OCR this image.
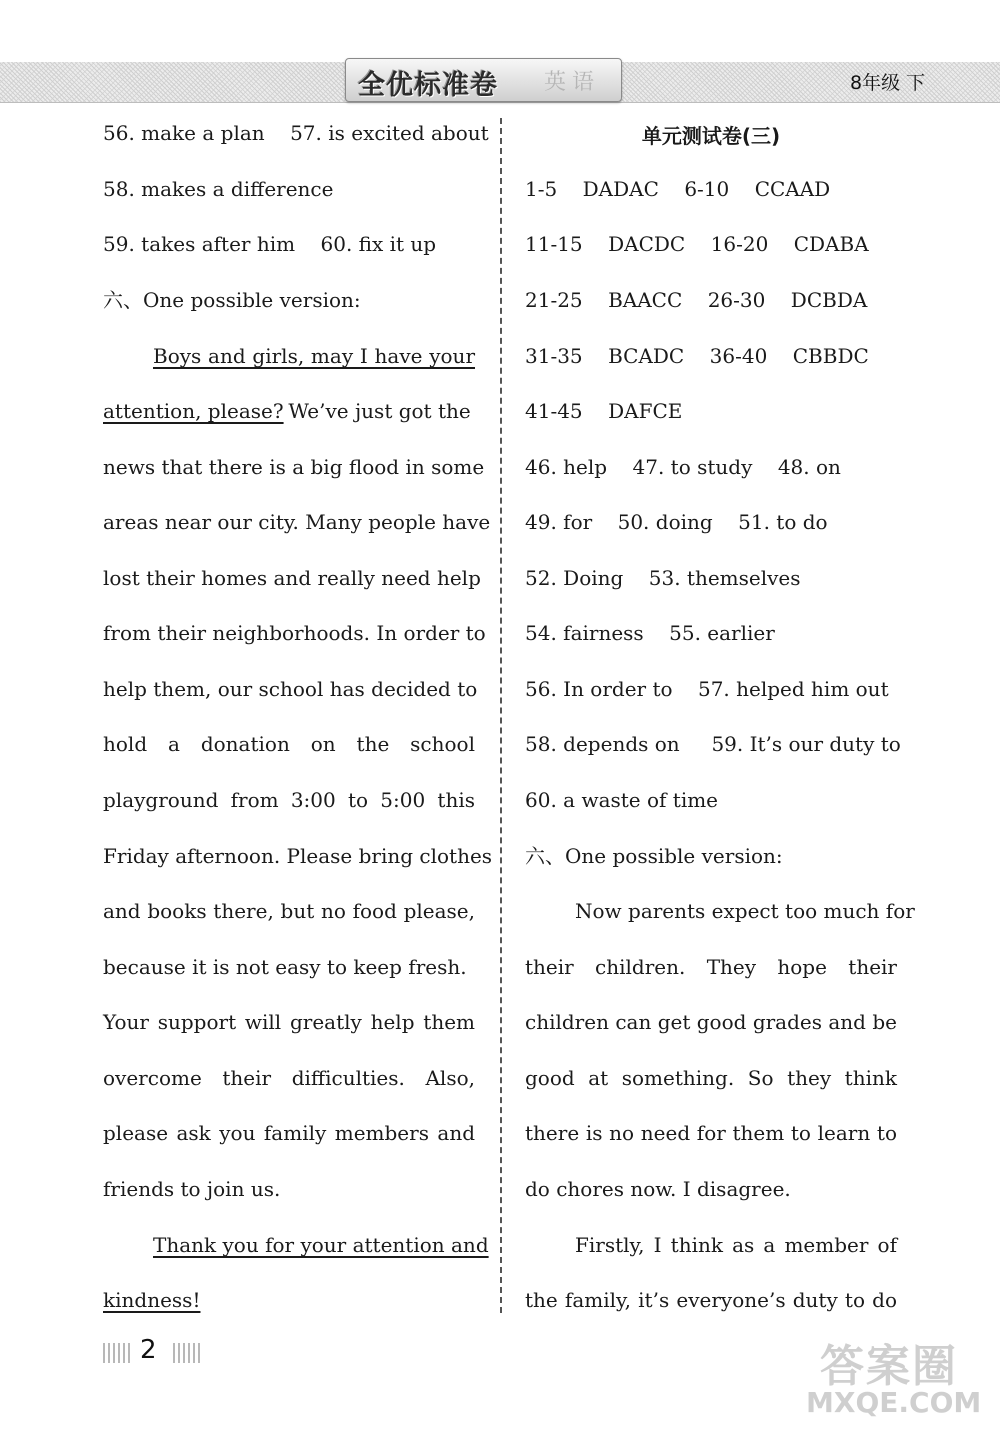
全优标准卷 英语	8年级 下
56. make a plan    57. is excited about
58. makes a difference
59. takes after him    60. fix it up
六、One possible version:
Boys and girls, may I have your
attention, please?
We’ve just got the
news that there is a big flood in some
areas near our city. Many people have
lost their homes and really need help
from their neighborhoods. In order to
help them, our school has decided to
hold a donation on the school
playground from 3:00 to 5:00 this
Friday afternoon. Please bring clothes
and books there, but no food please,
because it is not easy to keep fresh.
Your support will greatly help them
overcome their difficulties. Also,
please ask you family members and
friends to join us.
Thank you for your attention and
kindness!
单元测试卷(三)
1-5    DADAC    6-10    CCAAD
11-15    DACDC    16-20    CDABA
21-25    BAACC    26-30    DCBDA
31-35    BCADC    36-40    CBBDC
41-45    DAFCE
46. help    47. to study    48. on
49. for    50. doing    51. to do
52. Doing    53. themselves
54. fairness    55. earlier
56. In order to    57. helped him out
58. depends on     59. It’s our duty to
60. a waste of time
六、One possible version:
Now parents expect too much for
their children. They hope their
children can get good grades and be
good at something. So they think
there is no need for them to learn to
do chores now. I disagree.
Firstly, I think as a member of
the family, it’s everyone’s duty to do
2	答案圈
MXQE.COM
